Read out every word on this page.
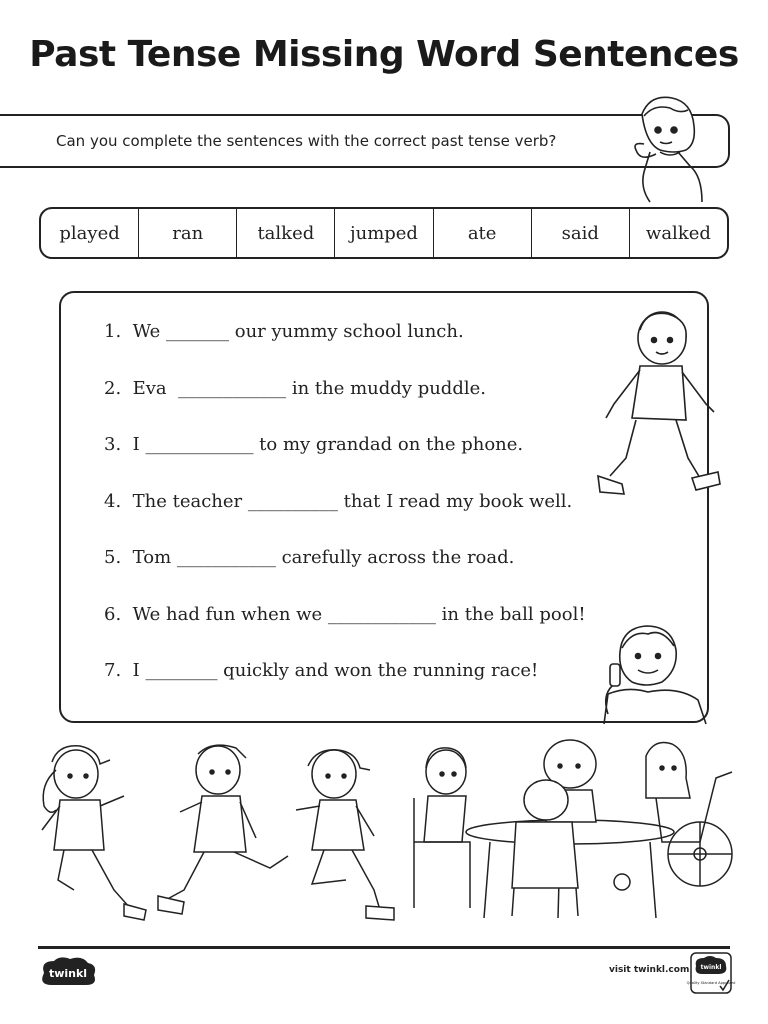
Past Tense Missing Word Sentences
Can you complete the sentences with the correct past tense verb?
played	ran	talked	jumped	ate	said	walked
1.  We _______ our yummy school lunch.
2.  Eva  ____________ in the muddy puddle.
3.  I ____________ to my grandad on the phone.
4.  The teacher __________ that I read my book well.
5.  Tom ___________ carefully across the road.
6.  We had fun when we ____________ in the ball pool!
7.  I ________ quickly and won the running race!
twinkl	visit twinkl.com twinkl
Quality Standard Approved
